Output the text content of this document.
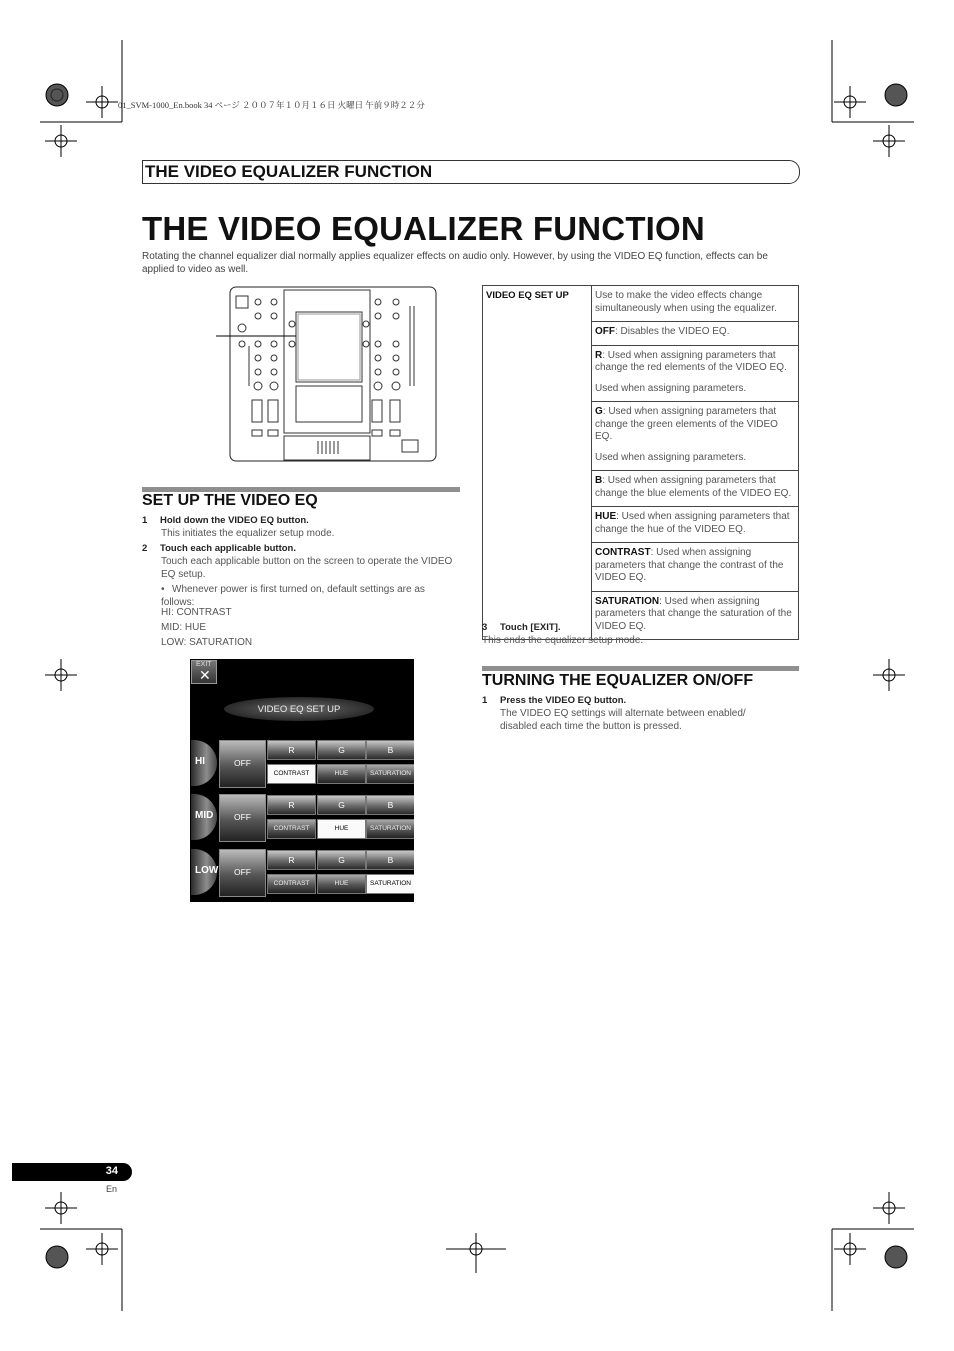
01_SVM-1000_En.book 34 ページ ２００７年１０月１６日 火曜日 午前９時２２分
THE VIDEO EQUALIZER FUNCTION
THE VIDEO EQUALIZER FUNCTION
Rotating the channel equalizer dial normally applies equalizer effects on audio only. However, by using the VIDEO EQ function, effects can be applied to video as well.
SET UP THE VIDEO EQ
1 Hold down the VIDEO EQ button.
This initiates the equalizer setup mode.
2 Touch each applicable button.
Touch each applicable button on the screen to operate the VIDEO EQ setup.
• Whenever power is first turned on, default settings are as follows:
HI: CONTRAST
MID: HUE
LOW: SATURATION
EXIT
✕
VIDEO EQ SET UP
HI	OFF
R	G	B
CONTRAST	HUE	SATURATION
MID	OFF
R	G	B
CONTRAST	HUE	SATURATION
LOW	OFF
R	G	B
CONTRAST	HUE	SATURATION
VIDEO EQ SET UP	Use to make the video effects change simultaneously when using the equalizer.
OFF: Disables the VIDEO EQ.
R: Used when assigning parameters that change the red elements of the VIDEO EQ.
Used when assigning parameters.

G: Used when assigning parameters that change the green elements of the VIDEO EQ.
Used when assigning parameters.

B: Used when assigning parameters that change the blue elements of the VIDEO EQ.
HUE: Used when assigning parameters that change the hue of the VIDEO EQ.
CONTRAST: Used when assigning parameters that change the contrast of the VIDEO EQ.
SATURATION: Used when assigning parameters that change the saturation of the VIDEO EQ.
3 Touch [EXIT].
This ends the equalizer setup mode.
TURNING THE EQUALIZER ON/OFF
1 Press the VIDEO EQ button.
The VIDEO EQ settings will alternate between enabled/ disabled each time the button is pressed.
34
En
